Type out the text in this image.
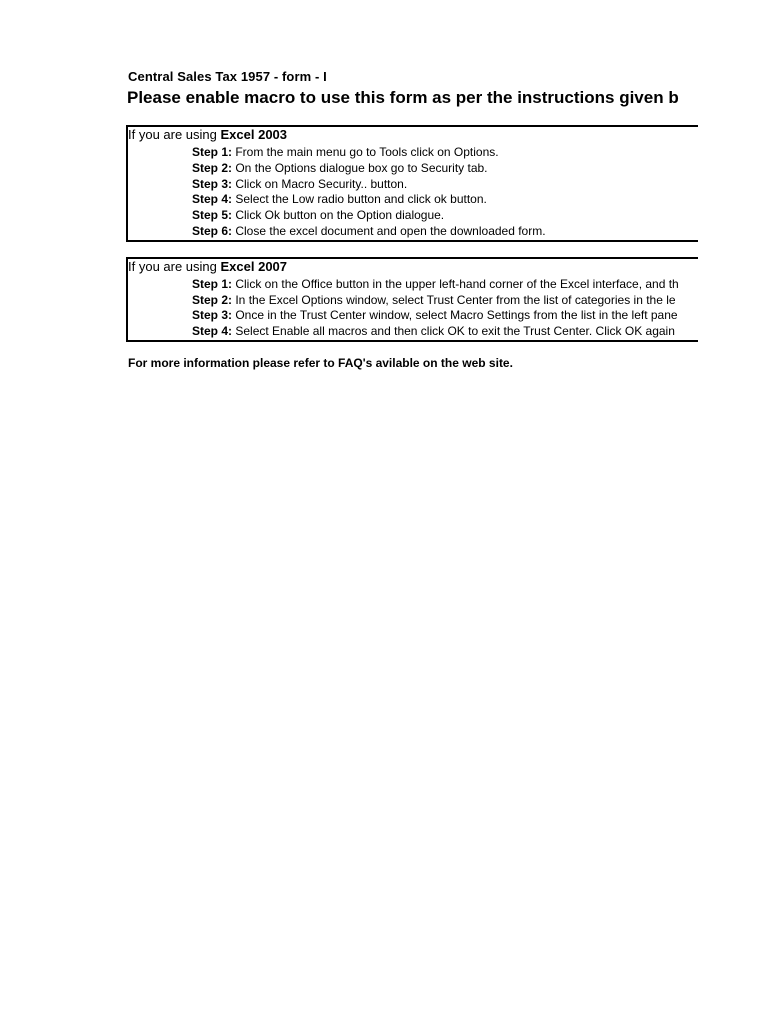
Central Sales Tax 1957 - form - I
Please enable macro to use this form as per the instructions given b
If you are using Excel 2003
Step 1: From the main menu go to Tools click on Options.
Step 2: On the Options dialogue box go to Security tab.
Step 3: Click on Macro Security.. button.
Step 4: Select the Low radio button and click ok button.
Step 5: Click Ok button on the Option dialogue.
Step 6: Close the excel document and open the downloaded form.
If you are using Excel 2007
Step 1: Click on the Office button in the upper left-hand corner of the Excel interface, and th
Step 2: In the Excel Options window, select Trust Center from the list of categories in the le
Step 3: Once in the Trust Center window, select Macro Settings from the list in the left pane
Step 4: Select Enable all macros and then click OK to exit the Trust Center. Click OK again
For more information please refer to FAQ's avilable on the web site.
